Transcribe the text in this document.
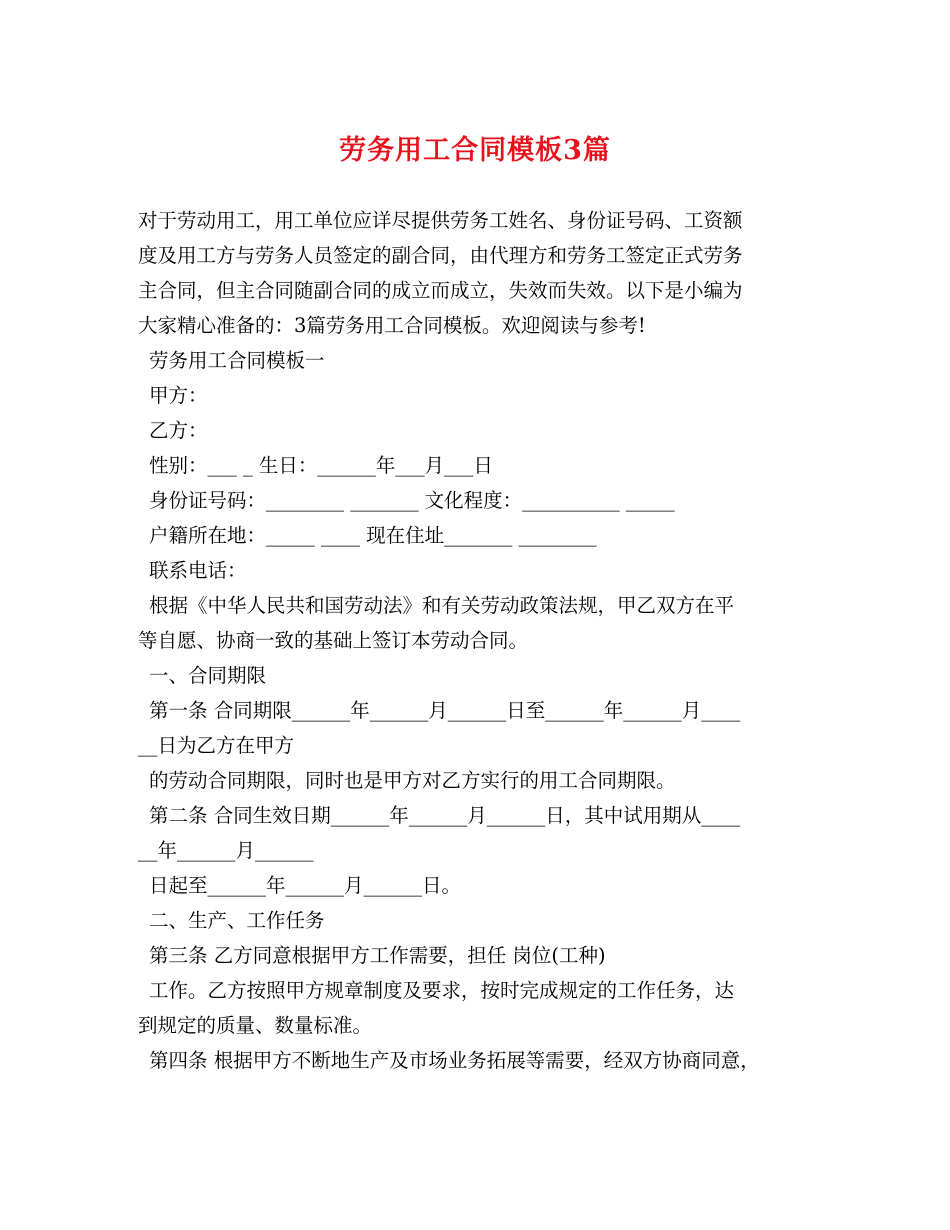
劳务用工合同模板3篇

对于劳动用工，用工单位应详尽提供劳务工姓名、身份证号码、工资额

度及用工方与劳务人员签定的副合同，由代理方和劳务工签定正式劳务

主合同，但主合同随副合同的成立而成立，失效而失效。以下是小编为

大家精心准备的：3篇劳务用工合同模板。欢迎阅读与参考!

劳务用工合同模板一

甲方：

乙方：

性别：___ _ 生日：______年___月___日

身份证号码：________ _______ 文化程度：__________ _____

户籍所在地：_____ ____ 现在住址_______ ________

联系电话：

根据《中华人民共和国劳动法》和有关劳动政策法规，甲乙双方在平

等自愿、协商一致的基础上签订本劳动合同。

一、合同期限

第一条 合同期限______年______月______日至______年______月____

__日为乙方在甲方

的劳动合同期限，同时也是甲方对乙方实行的用工合同期限。

第二条 合同生效日期______年______月______日，其中试用期从____

__年______月______

日起至______年______月______日。

二、生产、工作任务

第三条 乙方同意根据甲方工作需要，担任 岗位(工种)

工作。乙方按照甲方规章制度及要求，按时完成规定的工作任务，达

到规定的质量、数量标准。

第四条 根据甲方不断地生产及市场业务拓展等需要，经双方协商同意，
